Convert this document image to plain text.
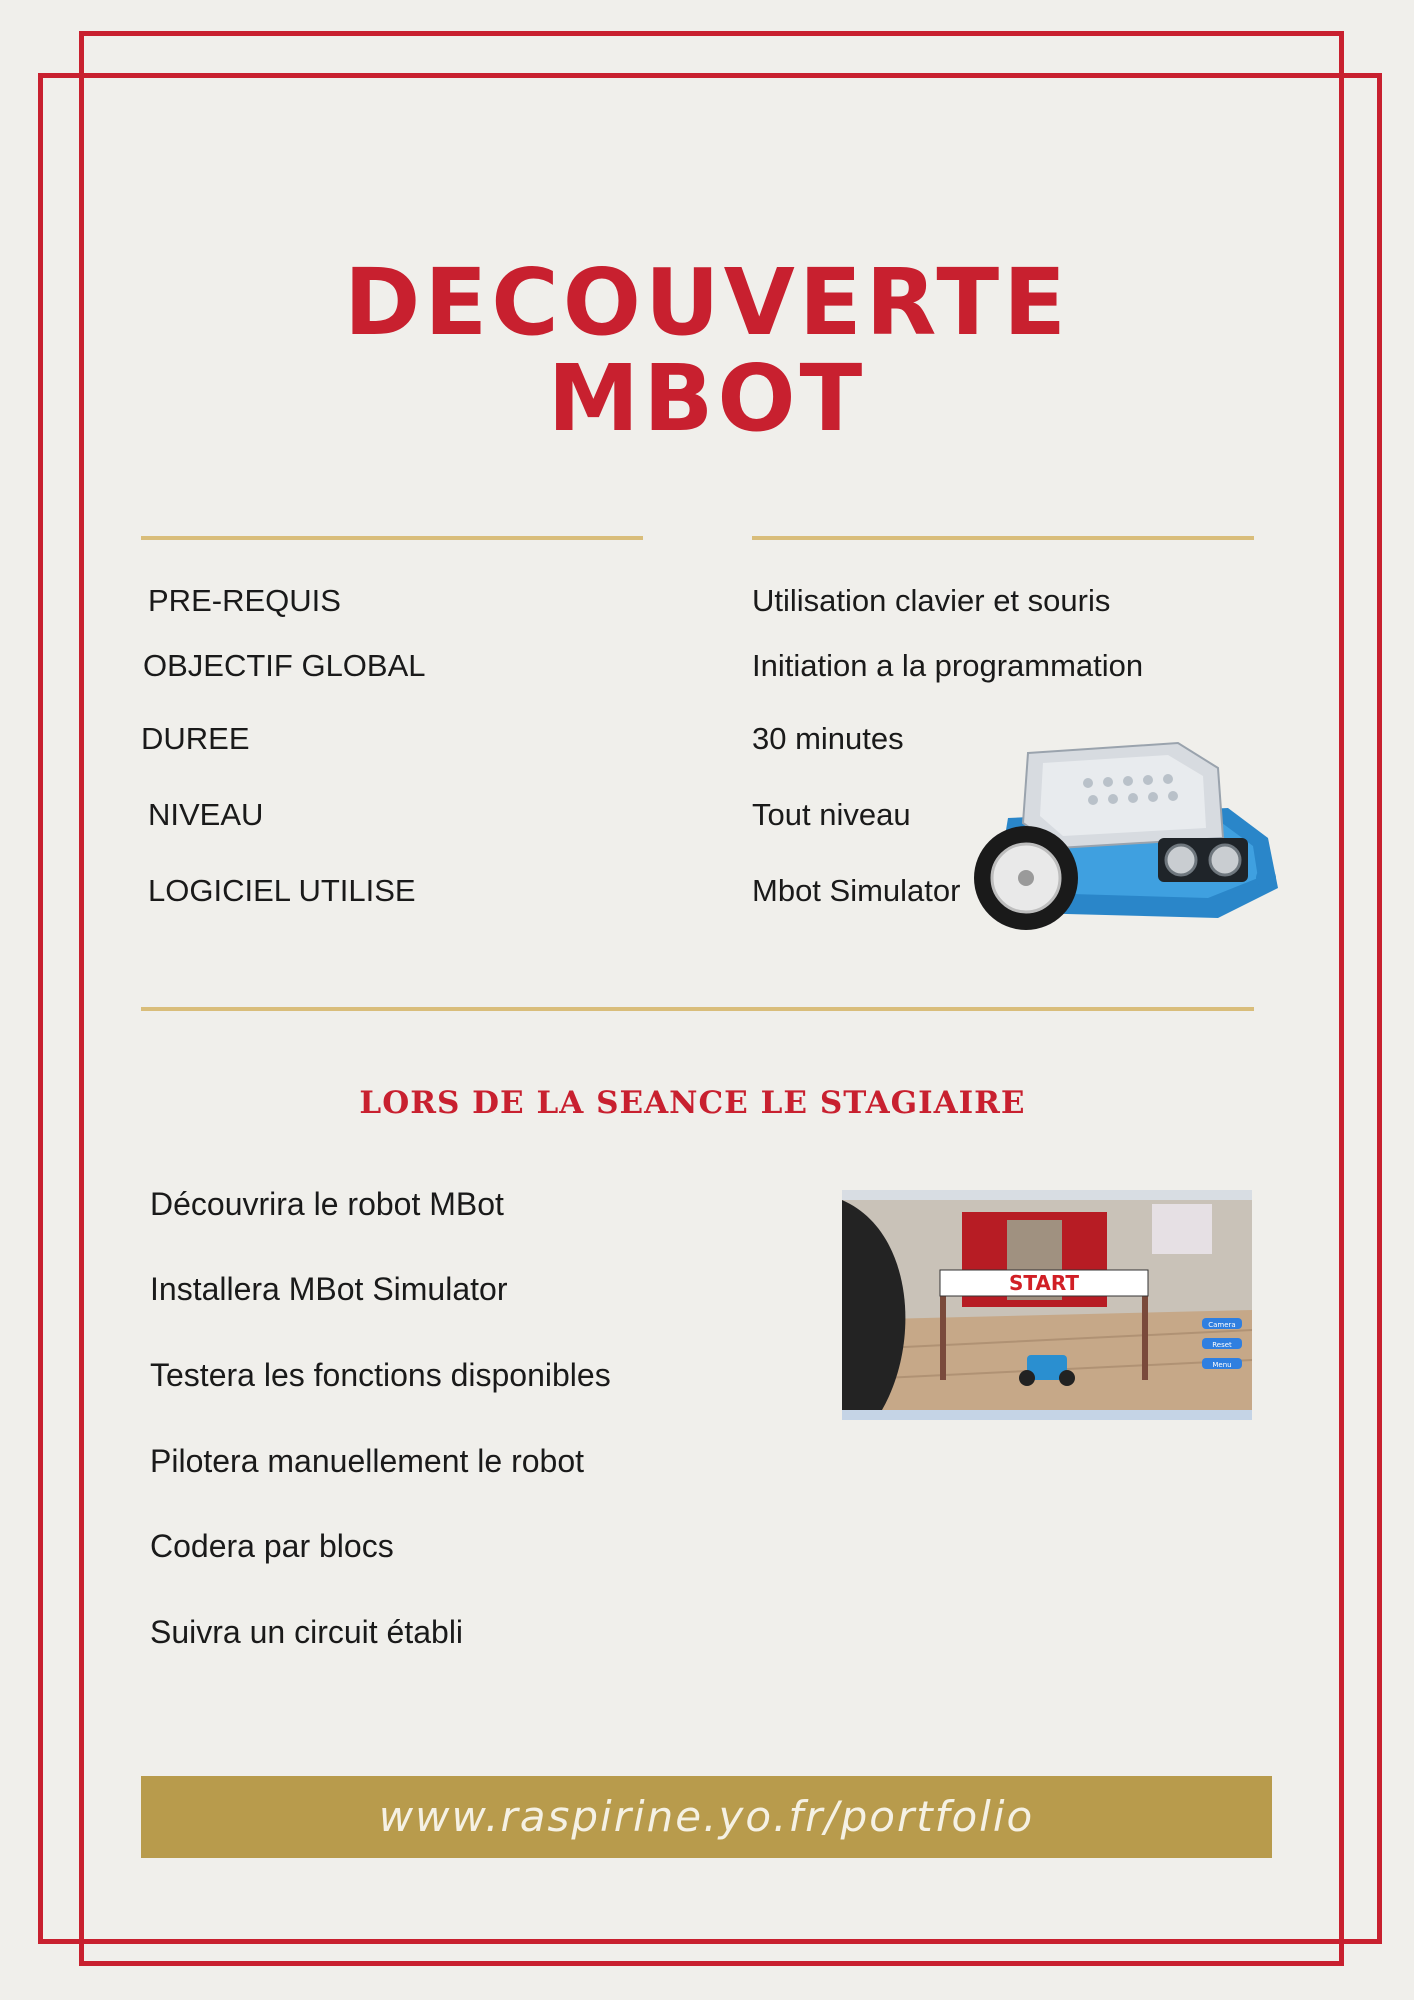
DECOUVERTE
MBOT
PRE-REQUIS	Utilisation clavier et souris
OBJECTIF GLOBAL	Initiation a la programmation
DUREE	30 minutes
NIVEAU	Tout niveau
LOGICIEL UTILISE	Mbot Simulator
LORS DE LA SEANCE LE STAGIAIRE
Découvrira le robot MBot
Installera MBot Simulator
Testera les fonctions disponibles
Pilotera manuellement le robot
Codera par blocs
Suivra un circuit établi
START
Camera
Reset
Menu
www.raspirine.yo.fr/portfolio
